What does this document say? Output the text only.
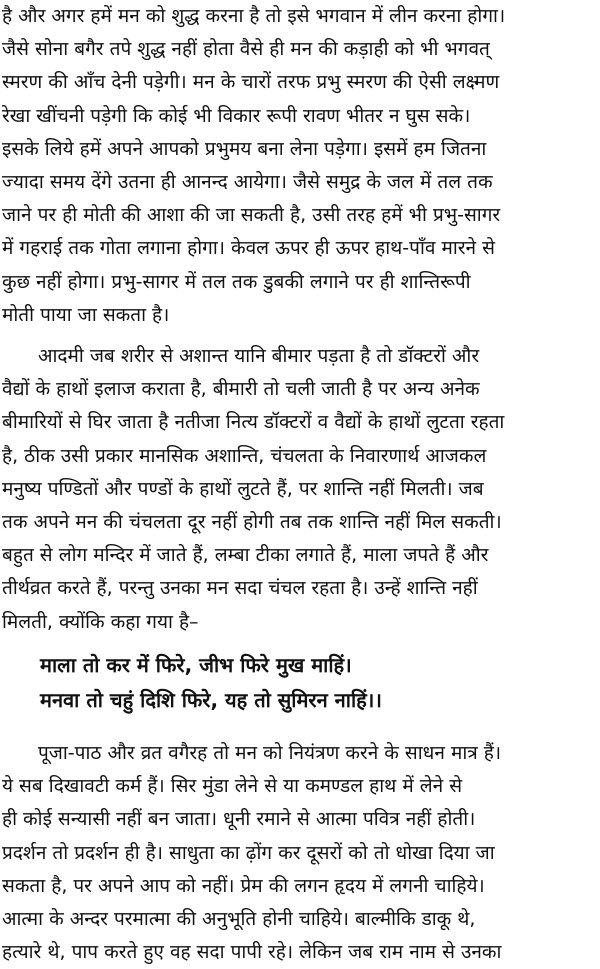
है और अगर हमें मन को शुद्ध करना है तो इसे भगवान में लीन करना होगा।
जैसे सोना बगैर तपे शुद्ध नहीं होता वैसे ही मन की कड़ाही को भी भगवत्
स्मरण की आँच देनी पड़ेगी। मन के चारों तरफ प्रभु स्मरण की ऐसी लक्ष्मण
रेखा खींचनी पड़ेगी कि कोई भी विकार रूपी रावण भीतर न घुस सके।
इसके लिये हमें अपने आपको प्रभुमय बना लेना पड़ेगा। इसमें हम जितना
ज्यादा समय देंगे उतना ही आनन्द आयेगा। जैसे समुद्र के जल में तल तक
जाने पर ही मोती की आशा की जा सकती है, उसी तरह हमें भी प्रभु-सागर
में गहराई तक गोता लगाना होगा। केवल ऊपर ही ऊपर हाथ-पाँव मारने से
कुछ नहीं होगा। प्रभु-सागर में तल तक डुबकी लगाने पर ही शान्तिरूपी
मोती पाया जा सकता है।
आदमी जब शरीर से अशान्त यानि बीमार पड़ता है तो डॉक्टरों और
वैद्यों के हाथों इलाज कराता है, बीमारी तो चली जाती है पर अन्य अनेक
बीमारियों से घिर जाता है नतीजा नित्य डॉक्टरों व वैद्यों के हाथों लुटता रहता
है, ठीक उसी प्रकार मानसिक अशान्ति, चंचलता के निवारणार्थ आजकल
मनुष्य पण्डितों और पण्डों के हाथों लुटते हैं, पर शान्ति नहीं मिलती। जब
तक अपने मन की चंचलता दूर नहीं होगी तब तक शान्ति नहीं मिल सकती।
बहुत से लोग मन्दिर में जाते हैं, लम्बा टीका लगाते हैं, माला जपते हैं और
तीर्थव्रत करते हैं, परन्तु उनका मन सदा चंचल रहता है। उन्हें शान्ति नहीं
मिलती, क्योंकि कहा गया है–
माला तो कर में फिरे, जीभ फिरे मुख माहिं।
मनवा तो चहुं दिशि फिरे, यह तो सुमिरन नाहिं।।
पूजा-पाठ और व्रत वगैरह तो मन को नियंत्रण करने के साधन मात्र हैं।
ये सब दिखावटी कर्म हैं। सिर मुंडा लेने से या कमण्डल हाथ में लेने से
ही कोई सन्यासी नहीं बन जाता। धूनी रमाने से आत्मा पवित्र नहीं होती।
प्रदर्शन तो प्रदर्शन ही है। साधुता का ढ़ोंग कर दूसरों को तो धोखा दिया जा
सकता है, पर अपने आप को नहीं। प्रेम की लगन हृदय में लगनी चाहिये।
आत्मा के अन्दर परमात्मा की अनुभूति होनी चाहिये। बाल्मीकि डाकू थे,
हत्यारे थे, पाप करते हुए वह सदा पापी रहे। लेकिन जब राम नाम से उनका
